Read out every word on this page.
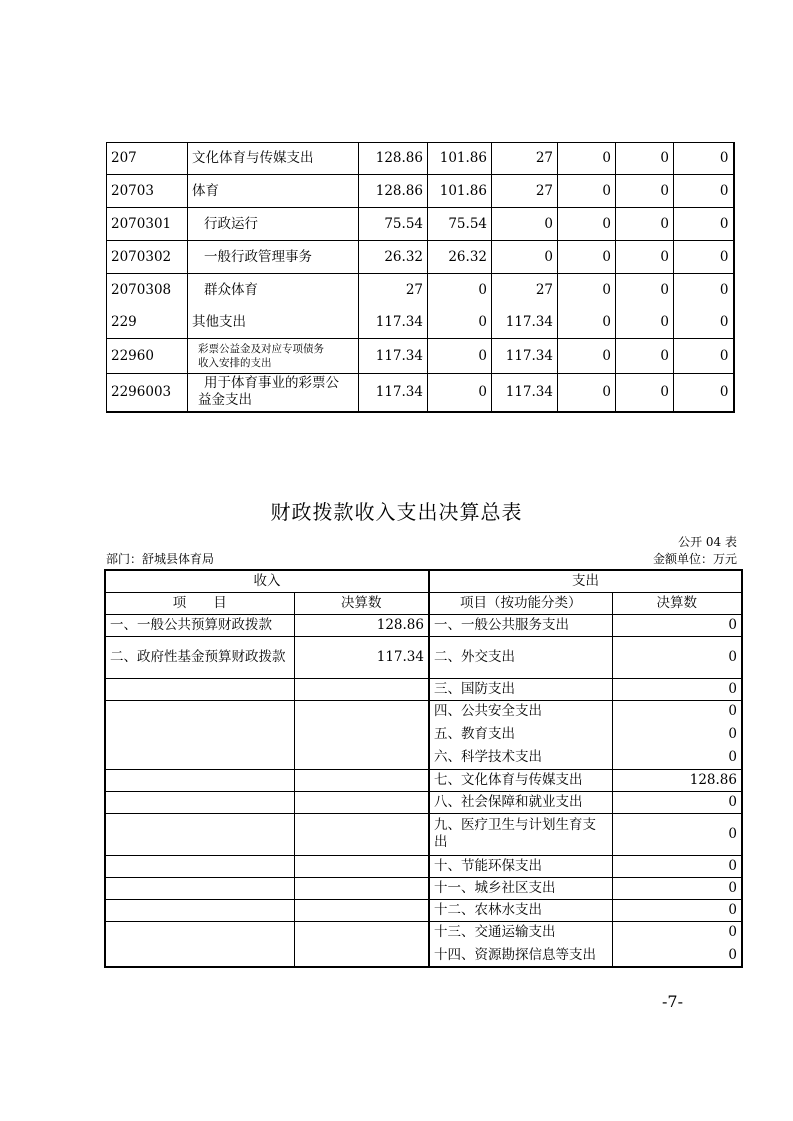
207	文化体育与传媒支出	128.86	101.86	27	0	0	0
20703	体育	128.86	101.86	27	0	0	0
2070301	行政运行	75.54	75.54	0	0	0	0
2070302	一般行政管理事务	26.32	26.32	0	0	0	0
2070308	群众体育	27	0	27	0	0	0
229	其他支出	117.34	0	117.34	0	0	0
22960	彩票公益金及对应专项债务
收入安排的支出	117.34	0	117.34	0	0	0
2296003	用于体育事业的彩票公
益金支出	117.34	0	117.34	0	0	0
财政拨款收入支出决算总表
公开 04 表
部门：舒城县体育局	金额单位：万元
收入		支出	
项　　目	决算数	项目（按功能分类）	决算数
一、一般公共预算财政拨款	128.86	一、一般公共服务支出	0
二、政府性基金预算财政拨款	117.34	二、外交支出	0
		三、国防支出	0
		四、公共安全支出	0
		五、教育支出	0
		六、科学技术支出	0
		七、文化体育与传媒支出	128.86
		八、社会保障和就业支出	0
		九、医疗卫生与计划生育支出	0
		十、节能环保支出	0
		十一、城乡社区支出	0
		十二、农林水支出	0
		十三、交通运输支出	0
		十四、资源勘探信息等支出	0
-7-
